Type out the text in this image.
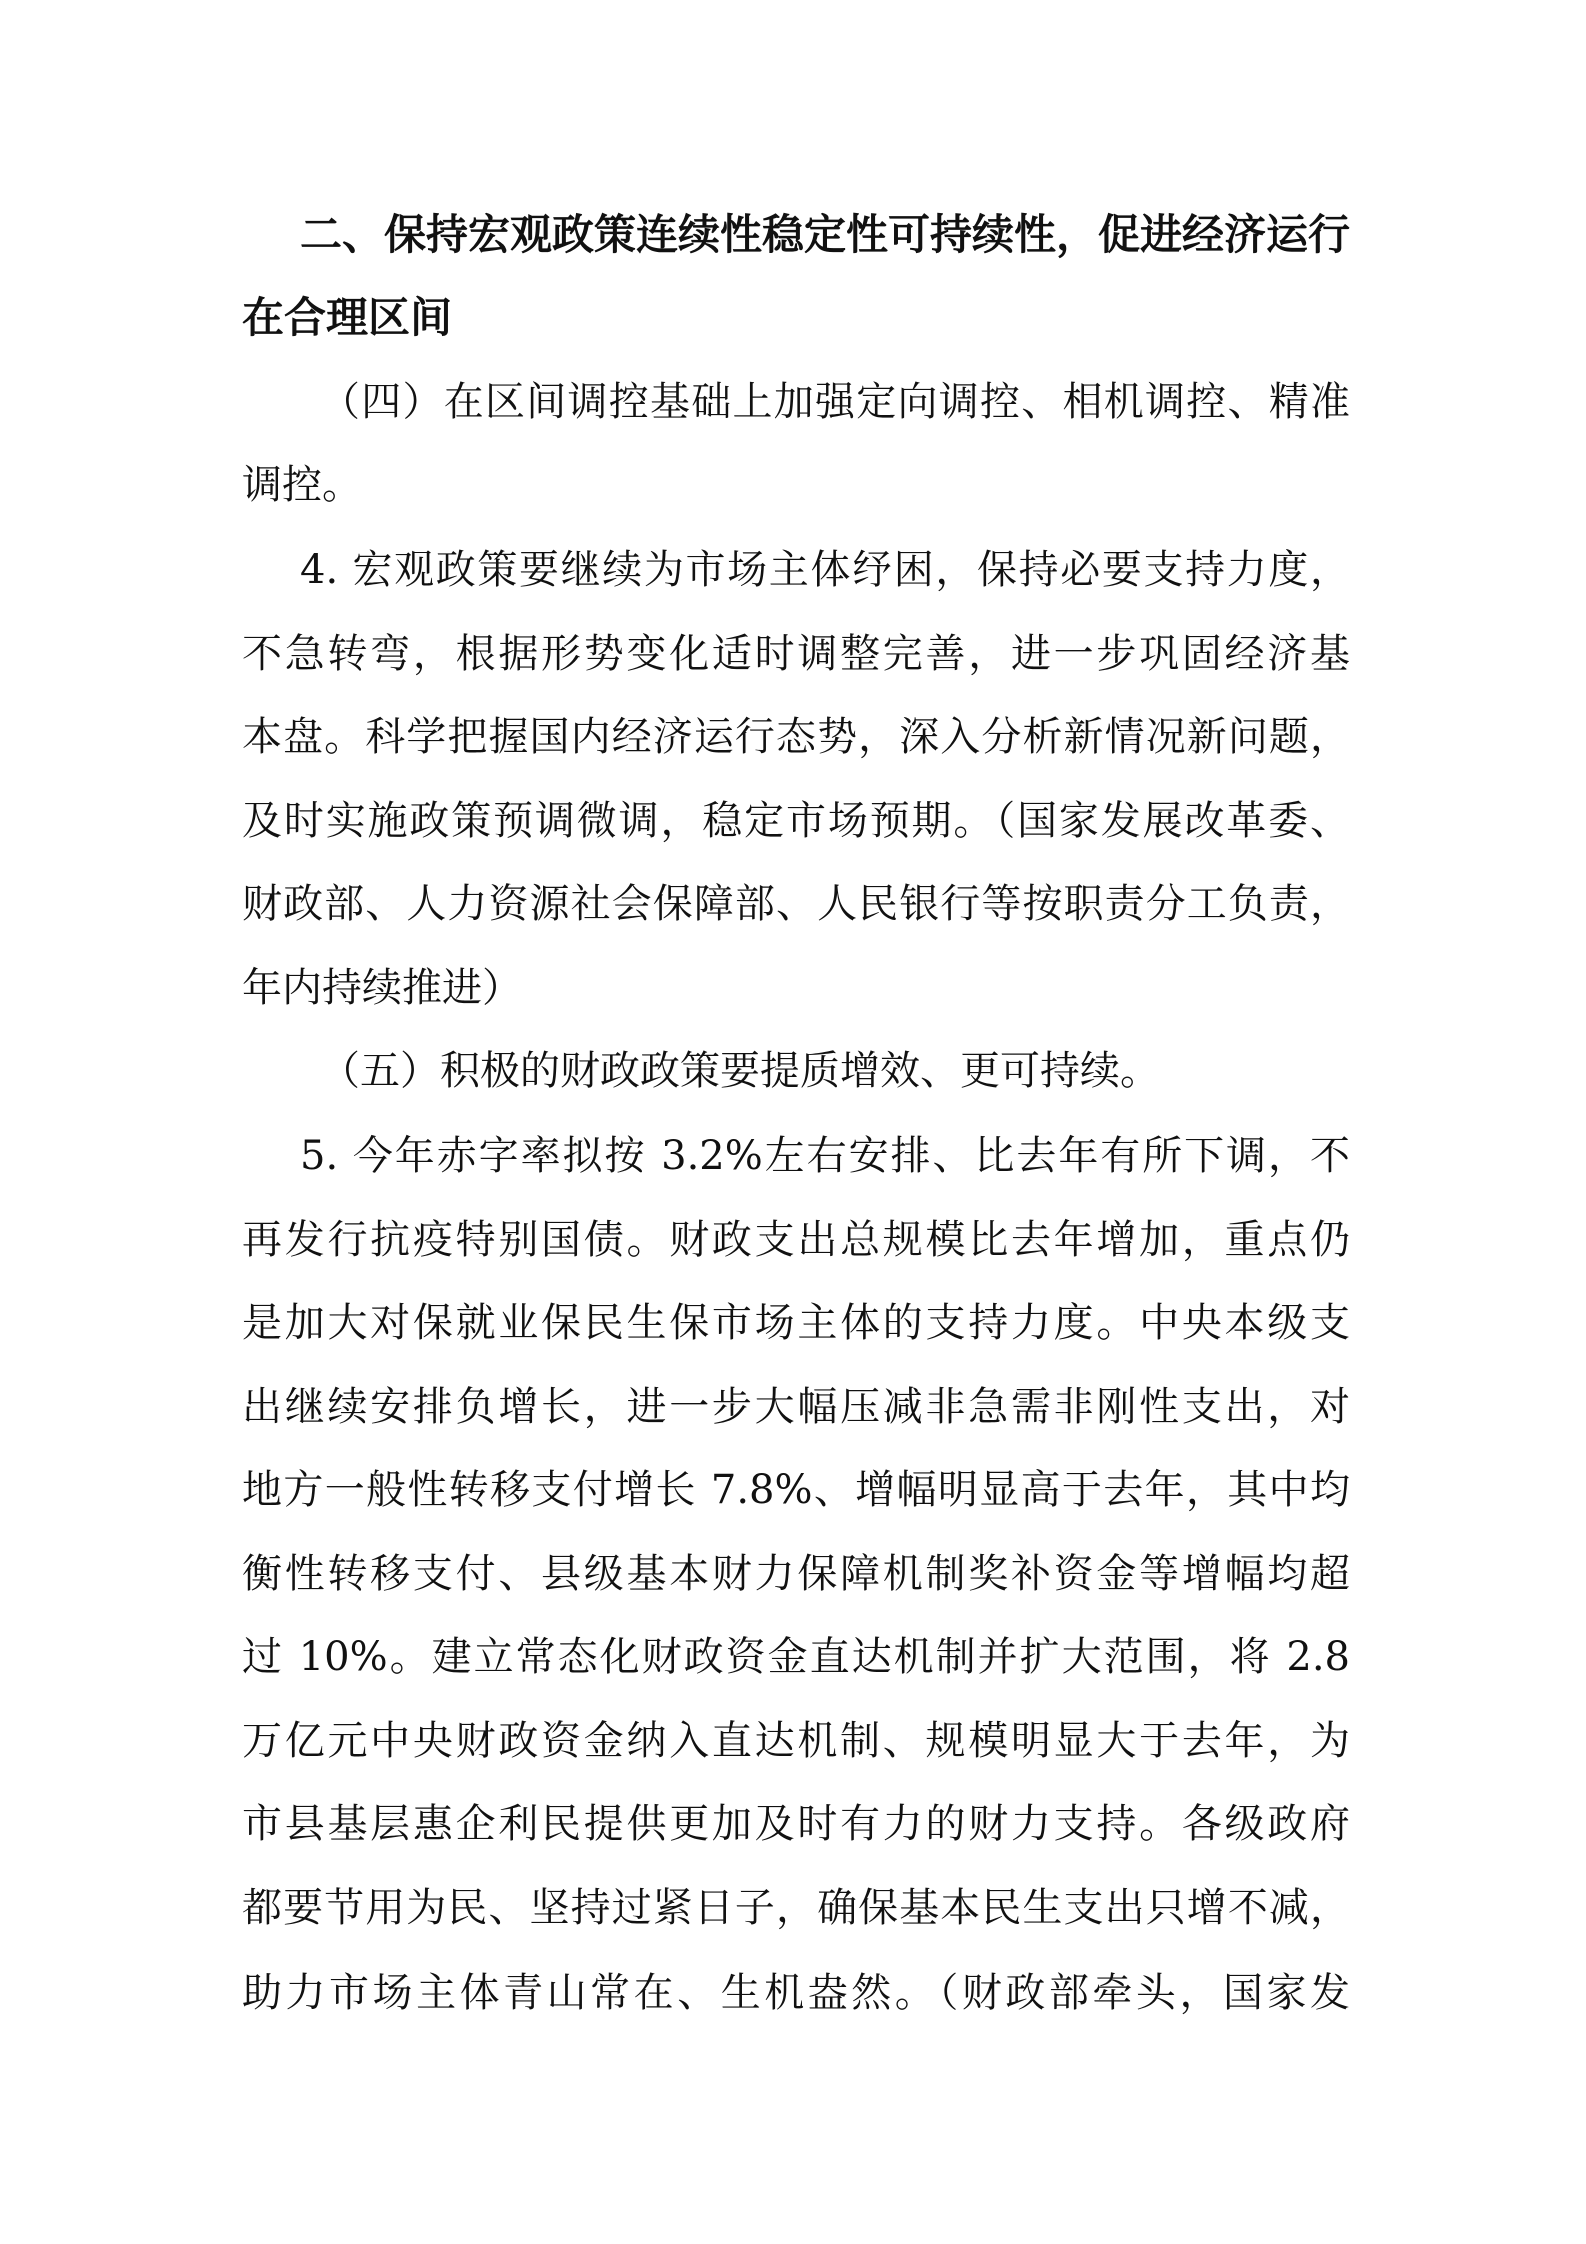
二、保持宏观政策连续性稳定性可持续性，促进经济运行
在合理区间
（四）在区间调控基础上加强定向调控、相机调控、精准
调控。
4. 宏观政策要继续为市场主体纾困，保持必要支持力度，
不急转弯，根据形势变化适时调整完善，进一步巩固经济基
本盘。科学把握国内经济运行态势，深入分析新情况新问题，
及时实施政策预调微调，稳定市场预期。（国家发展改革委、
财政部、人力资源社会保障部、人民银行等按职责分工负责，
年内持续推进）
（五）积极的财政政策要提质增效、更可持续。
5. 今年赤字率拟按 3.2%左右安排、比去年有所下调，不
再发行抗疫特别国债。财政支出总规模比去年增加，重点仍
是加大对保就业保民生保市场主体的支持力度。中央本级支
出继续安排负增长，进一步大幅压减非急需非刚性支出，对
地方一般性转移支付增长 7.8%、增幅明显高于去年，其中均
衡性转移支付、县级基本财力保障机制奖补资金等增幅均超
过 10%。建立常态化财政资金直达机制并扩大范围，将 2.8
万亿元中央财政资金纳入直达机制、规模明显大于去年，为
市县基层惠企利民提供更加及时有力的财力支持。各级政府
都要节用为民、坚持过紧日子，确保基本民生支出只增不减，
助力市场主体青山常在、生机盎然。（财政部牵头，国家发
